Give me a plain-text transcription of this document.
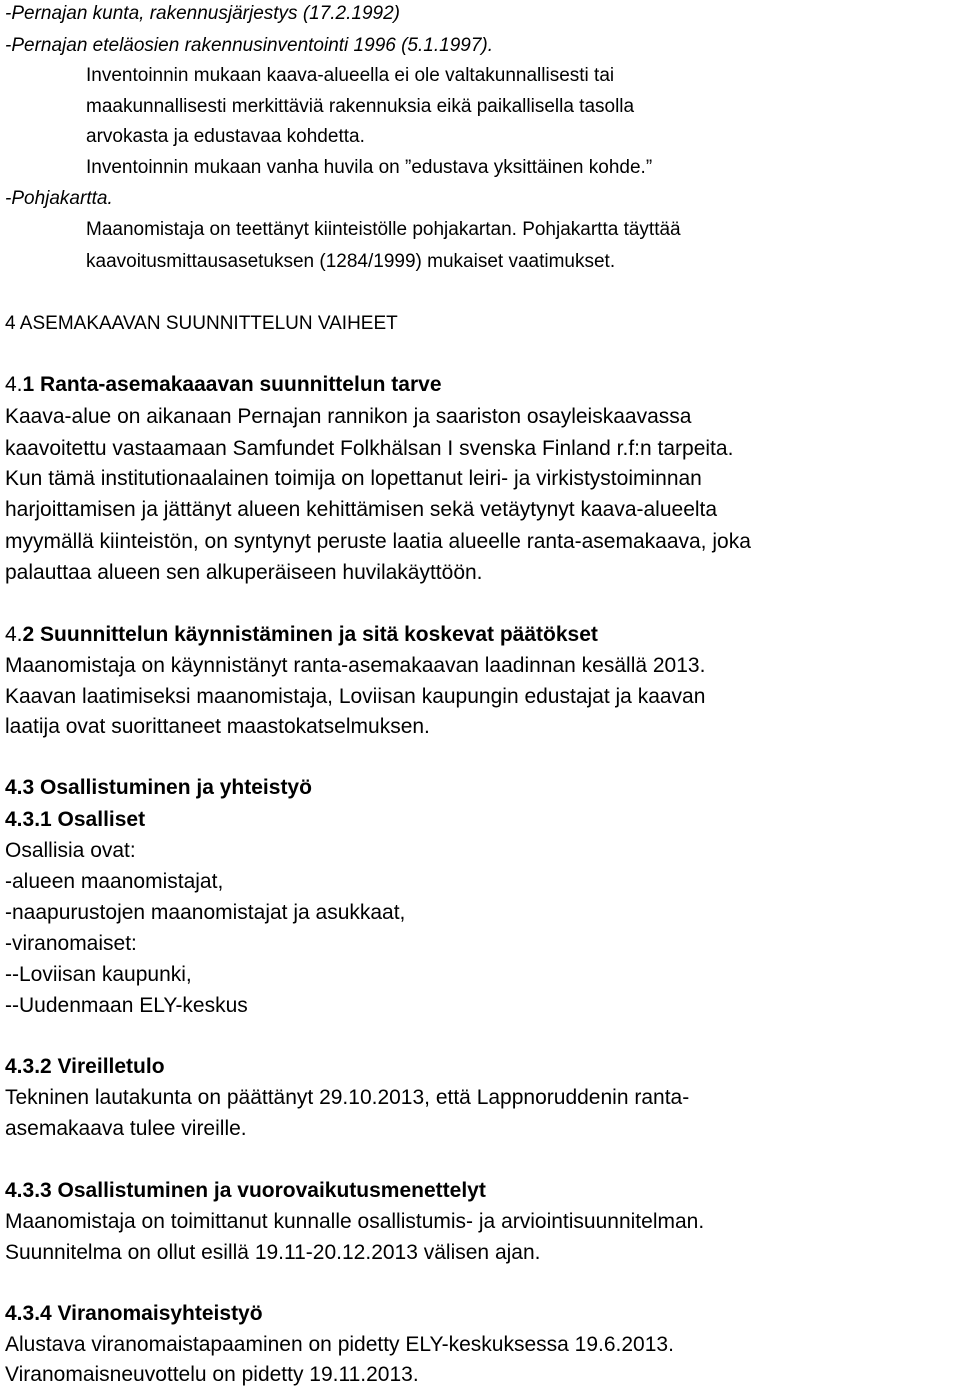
-Pernajan kunta, rakennusjärjestys (17.2.1992)

-Pernajan eteläosien rakennusinventointi 1996 (5.1.1997).

Inventoinnin mukaan kaava-alueella ei ole valtakunnallisesti tai

maakunnallisesti merkittäviä rakennuksia eikä paikallisella tasolla

arvokasta ja edustavaa kohdetta.

Inventoinnin mukaan vanha huvila on ”edustava yksittäinen kohde.”

-Pohjakartta.

Maanomistaja on teettänyt kiinteistölle pohjakartan. Pohjakartta täyttää

kaavoitusmittausasetuksen (1284/1999) mukaiset vaatimukset.

4 ASEMAKAAVAN SUUNNITTELUN VAIHEET

4.1 Ranta-asemakaaavan suunnittelun tarve

Kaava-alue on aikanaan Pernajan rannikon ja saariston osayleiskaavassa

kaavoitettu vastaamaan Samfundet Folkhälsan I svenska Finland r.f:n tarpeita.

Kun tämä institutionaalainen toimija on lopettanut leiri- ja virkistystoiminnan

harjoittamisen ja jättänyt alueen kehittämisen sekä vetäytynyt kaava-alueelta

myymällä kiinteistön, on syntynyt peruste laatia alueelle ranta-asemakaava, joka

palauttaa alueen sen alkuperäiseen huvilakäyttöön.

4.2 Suunnittelun käynnistäminen ja sitä koskevat päätökset

Maanomistaja on käynnistänyt ranta-asemakaavan laadinnan kesällä 2013.

Kaavan laatimiseksi maanomistaja, Loviisan kaupungin edustajat ja kaavan

laatija ovat suorittaneet maastokatselmuksen.

4.3 Osallistuminen ja yhteistyö

4.3.1 Osalliset

Osallisia ovat:

-alueen maanomistajat,

-naapurustojen maanomistajat ja asukkaat,

-viranomaiset:

--Loviisan kaupunki,

--Uudenmaan ELY-keskus

4.3.2 Vireilletulo

Tekninen lautakunta on päättänyt 29.10.2013, että Lappnoruddenin ranta-

asemakaava tulee vireille.

4.3.3 Osallistuminen ja vuorovaikutusmenettelyt

Maanomistaja on toimittanut kunnalle osallistumis- ja arviointisuunnitelman.

Suunnitelma on ollut esillä 19.11-20.12.2013 välisen ajan.

4.3.4 Viranomaisyhteistyö

Alustava viranomaistapaaminen on pidetty ELY-keskuksessa 19.6.2013.

Viranomaisneuvottelu on pidetty 19.11.2013.
